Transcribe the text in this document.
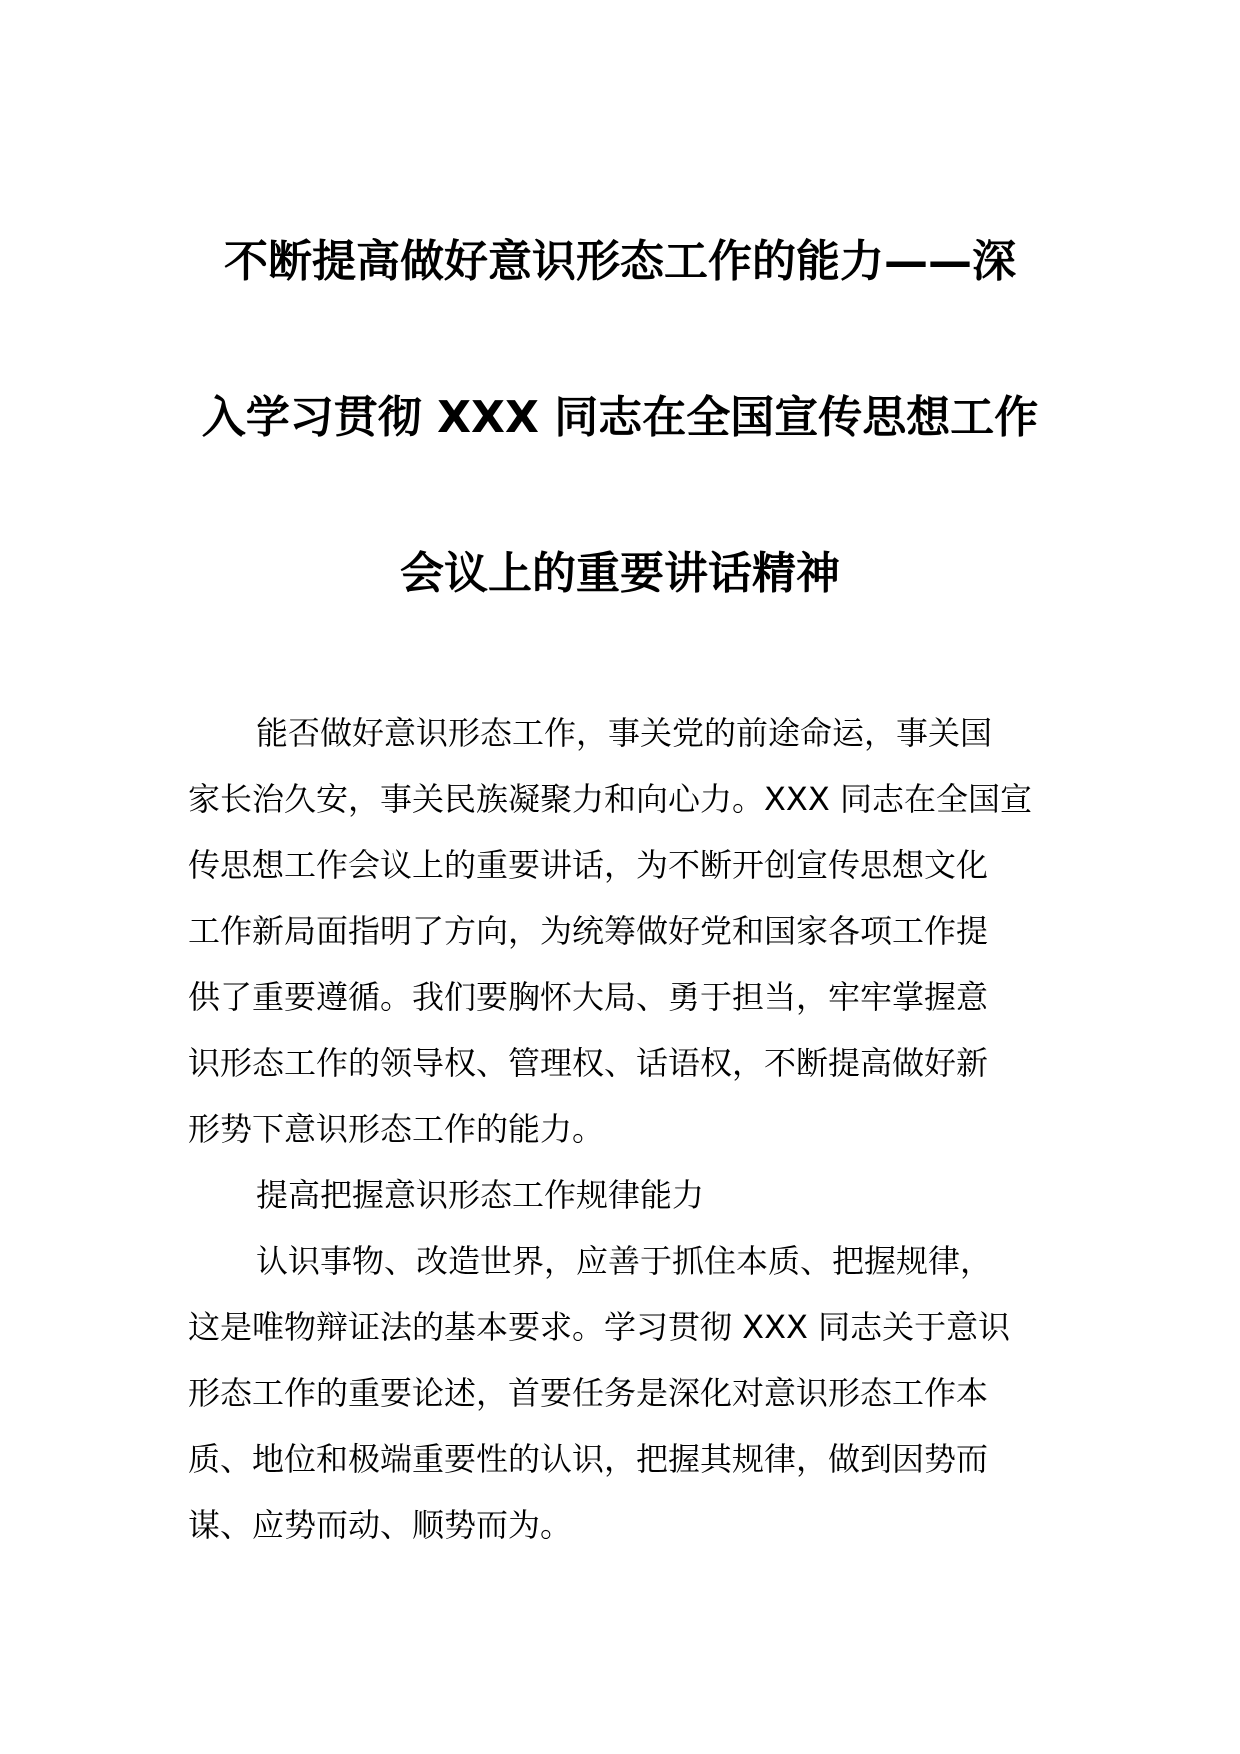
不断提高做好意识形态工作的能力——深
入学习贯彻 XXX 同志在全国宣传思想工作
会议上的重要讲话精神

能否做好意识形态工作，事关党的前途命运，事关国
家长治久安，事关民族凝聚力和向心力。XXX 同志在全国宣
传思想工作会议上的重要讲话，为不断开创宣传思想文化
工作新局面指明了方向，为统筹做好党和国家各项工作提
供了重要遵循。我们要胸怀大局、勇于担当，牢牢掌握意
识形态工作的领导权、管理权、话语权，不断提高做好新
形势下意识形态工作的能力。

提高把握意识形态工作规律能力

认识事物、改造世界，应善于抓住本质、把握规律，
这是唯物辩证法的基本要求。学习贯彻 XXX 同志关于意识
形态工作的重要论述，首要任务是深化对意识形态工作本
质、地位和极端重要性的认识，把握其规律，做到因势而
谋、应势而动、顺势而为。
